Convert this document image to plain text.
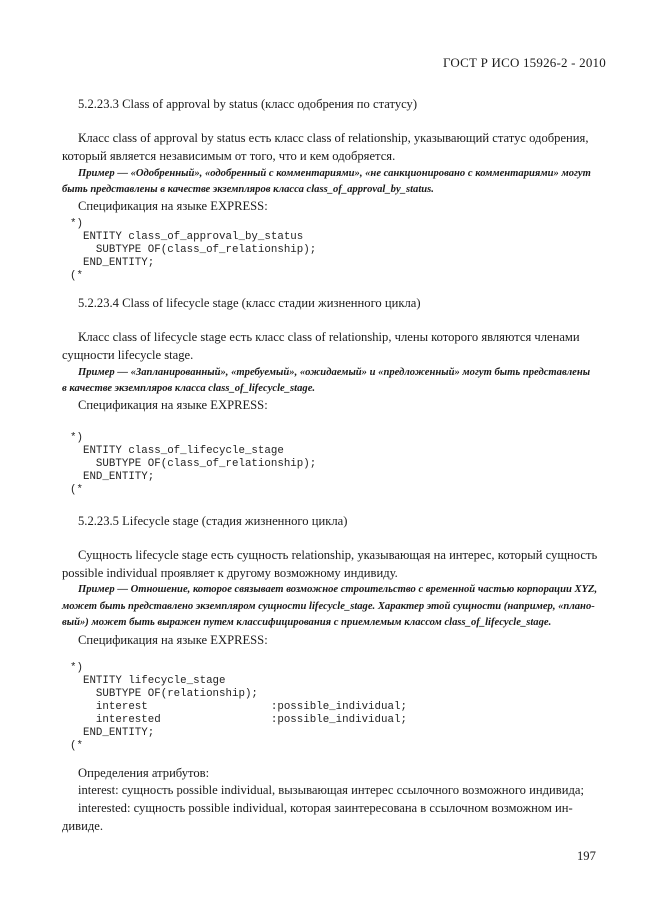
ГОСТ Р ИСО 15926-2 - 2010
5.2.23.3 Class of approval by status (класс одобрения по статусу)
Класс class of approval by status есть класс class of relationship, указывающий статус одобрения,
который является независимым от того, что и кем одобряется.
Пример — «Одобренный», «одобренный с комментариями», «не санкционировано с комментариями» могут
быть представлены в качестве экземпляров класса class_of_approval_by_status.
Спецификация на языке EXPRESS:
*)
ENTITY class_of_approval_by_status
SUBTYPE OF(class_of_relationship);
END_ENTITY;
(*
5.2.23.4 Class of lifecycle stage (класс стадии жизненного цикла)
Класс class of lifecycle stage есть класс class of relationship, члены которого являются членами
сущности lifecycle stage.
Пример — «Запланированный», «требуемый», «ожидаемый» и «предложенный» могут быть представлены
в качестве экземпляров класса class_of_lifecycle_stage.
Спецификация на языке EXPRESS:
*)
ENTITY class_of_lifecycle_stage
SUBTYPE OF(class_of_relationship);
END_ENTITY;
(*
5.2.23.5 Lifecycle stage (стадия жизненного цикла)
Сущность lifecycle stage есть сущность relationship, указывающая на интерес, который сущность
possible individual проявляет к другому возможному индивиду.
Пример — Отношение, которое связывает возможное строительство с временной частью корпорации XYZ,
может быть представлено экземпляром сущности lifecycle_stage. Характер этой сущности (например, «плано-
вый») может быть выражен путем классифицирования с приемлемым классом class_of_lifecycle_stage.
Спецификация на языке EXPRESS:
*)
ENTITY lifecycle_stage
SUBTYPE OF(relationship);
interest                   :possible_individual;
interested                 :possible_individual;
END_ENTITY;
(*
Определения атрибутов:
interest: сущность possible individual, вызывающая интерес ссылочного возможного индивида;
interested: сущность possible individual, которая заинтересована в ссылочном возможном ин-
дивиде.
197
